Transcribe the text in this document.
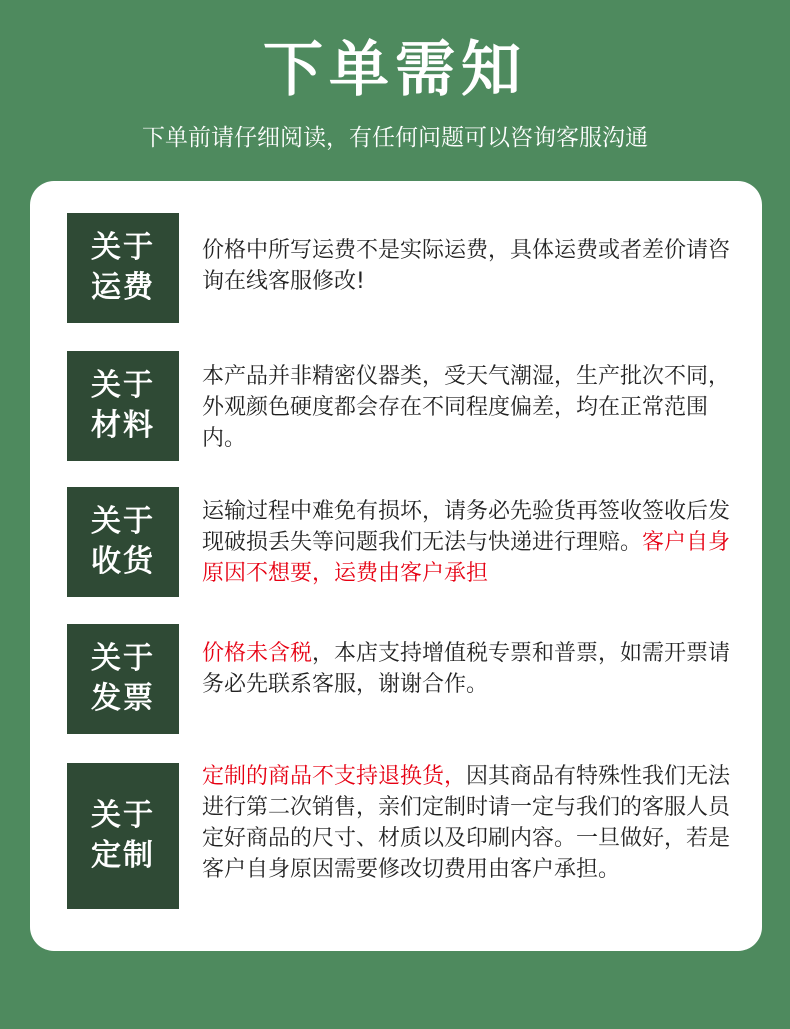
下单需知
下单前请仔细阅读，有任何问题可以咨询客服沟通
关于
运费
价格中所写运费不是实际运费，具体运费或者差价请咨询在线客服修改!
关于
材料
本产品并非精密仪器类，受天气潮湿，生产批次不同，外观颜色硬度都会存在不同程度偏差，均在正常范围内。
关于
收货
运输过程中难免有损坏，请务必先验货再签收签收后发现破损丢失等问题我们无法与快递进行理赔。客户自身原因不想要，运费由客户承担
关于
发票
价格未含税，本店支持增值税专票和普票，如需开票请务必先联系客服，谢谢合作。
关于
定制
定制的商品不支持退换货，因其商品有特殊性我们无法进行第二次销售，亲们定制时请一定与我们的客服人员定好商品的尺寸、材质以及印刷内容。一旦做好，若是客户自身原因需要修改切费用由客户承担。
